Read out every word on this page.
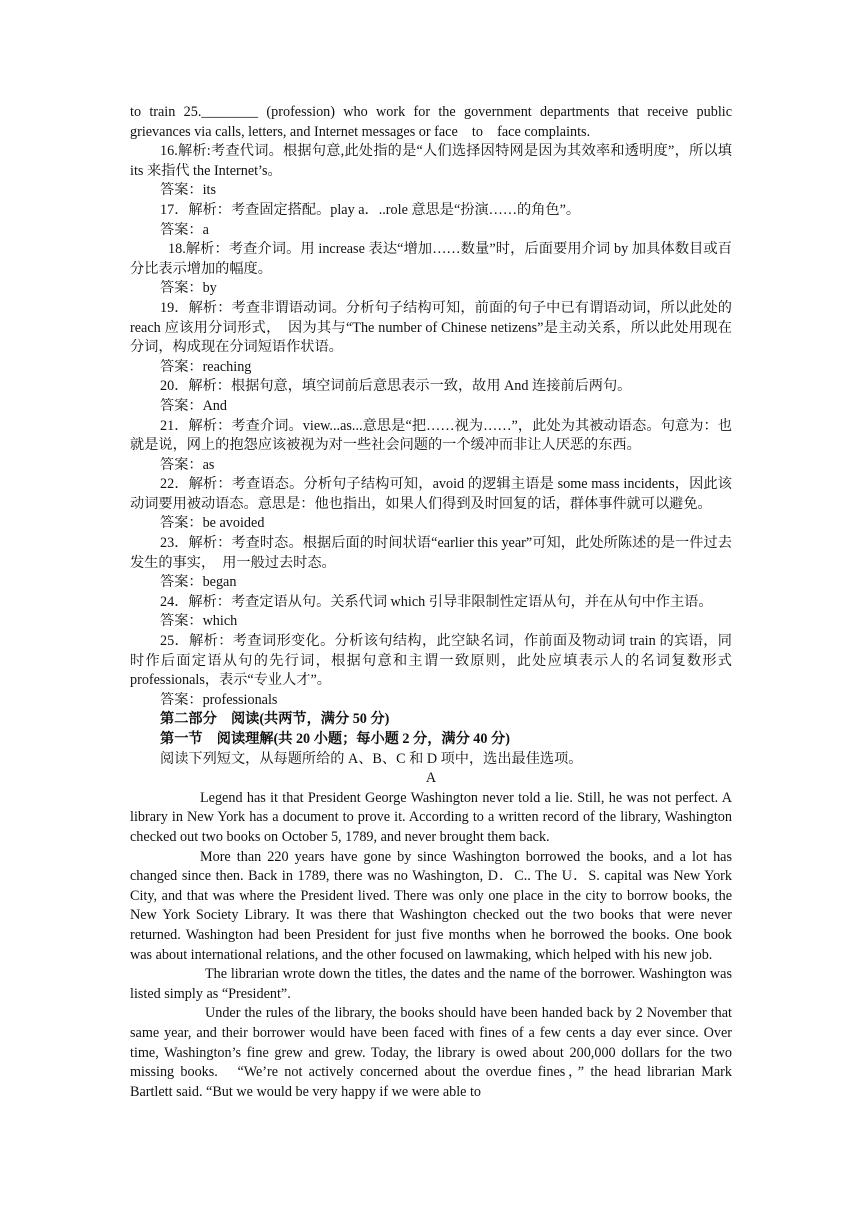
to train 25.________ (profession) who work for the government departments that receive public grievances via calls, letters, and Internet messages or face　to　face complaints.

16.解析:考查代词。根据句意,此处指的是“人们选择因特网是因为其效率和透明度”，所以填 its 来指代 the Internet’s。

答案：its

17．解析：考查固定搭配。play a．..role 意思是“扮演……的角色”。

答案：a

18.解析：考查介词。用 increase 表达“增加……数量”时，后面要用介词 by 加具体数目或百分比表示增加的幅度。

答案：by

19．解析：考查非谓语动词。分析句子结构可知，前面的句子中已有谓语动词，所以此处的 reach 应该用分词形式，　因为其与“The number of Chinese netizens”是主动关系，所以此处用现在分词，构成现在分词短语作状语。

答案：reaching

20．解析：根据句意，填空词前后意思表示一致，故用 And 连接前后两句。

答案：And

21．解析：考查介词。view...as...意思是“把……视为……”，此处为其被动语态。句意为：也就是说，网上的抱怨应该被视为对一些社会问题的一个缓冲而非让人厌恶的东西。

答案：as

22．解析：考查语态。分析句子结构可知，avoid 的逻辑主语是 some mass incidents，因此该动词要用被动语态。意思是：他也指出，如果人们得到及时回复的话，群体事件就可以避免。

答案：be avoided

23．解析：考查时态。根据后面的时间状语“earlier this year”可知，此处所陈述的是一件过去发生的事实，　用一般过去时态。

答案：began

24．解析：考查定语从句。关系代词 which 引导非限制性定语从句，并在从句中作主语。

答案：which

25．解析：考查词形变化。分析该句结构，此空缺名词，作前面及物动词 train 的宾语，同时作后面定语从句的先行词，根据句意和主谓一致原则，此处应填表示人的名词复数形式 professionals，表示“专业人才”。

答案：professionals

第二部分　阅读(共两节，满分 50 分)

第一节　阅读理解(共 20 小题；每小题 2 分，满分 40 分)

阅读下列短文，从每题所给的 A、B、C 和 D 项中，选出最佳选项。

A

Legend has it that President George Washington never told a lie. Still, he was not perfect. A library in New York has a document to prove it. According to a written record of the library, Washington checked out two books on October 5, 1789, and never brought them back.

More than 220 years have gone by since Washington borrowed the books, and a lot has changed since then. Back in 1789, there was no Washington, D．C.. The U．S. capital was New York City, and that was where the President lived. There was only one place in the city to borrow books, the New York Society Library. It was there that Washington checked out the two books that were never returned. Washington had been President for just five months when he borrowed the books. One book was about international relations, and the other focused on lawmaking, which helped with his new job.

The librarian wrote down the titles, the dates and the name of the borrower. Washington was listed simply as “President”.

Under the rules of the library, the books should have been handed back by 2 November that same year, and their borrower would have been faced with fines of a few cents a day ever since. Over time, Washington’s fine grew and grew. Today, the library is owed about 200,000 dollars for the two missing books.　“We’re not actively concerned about the overdue fines，” the head librarian Mark Bartlett said. “But we would be very happy if we were able to
